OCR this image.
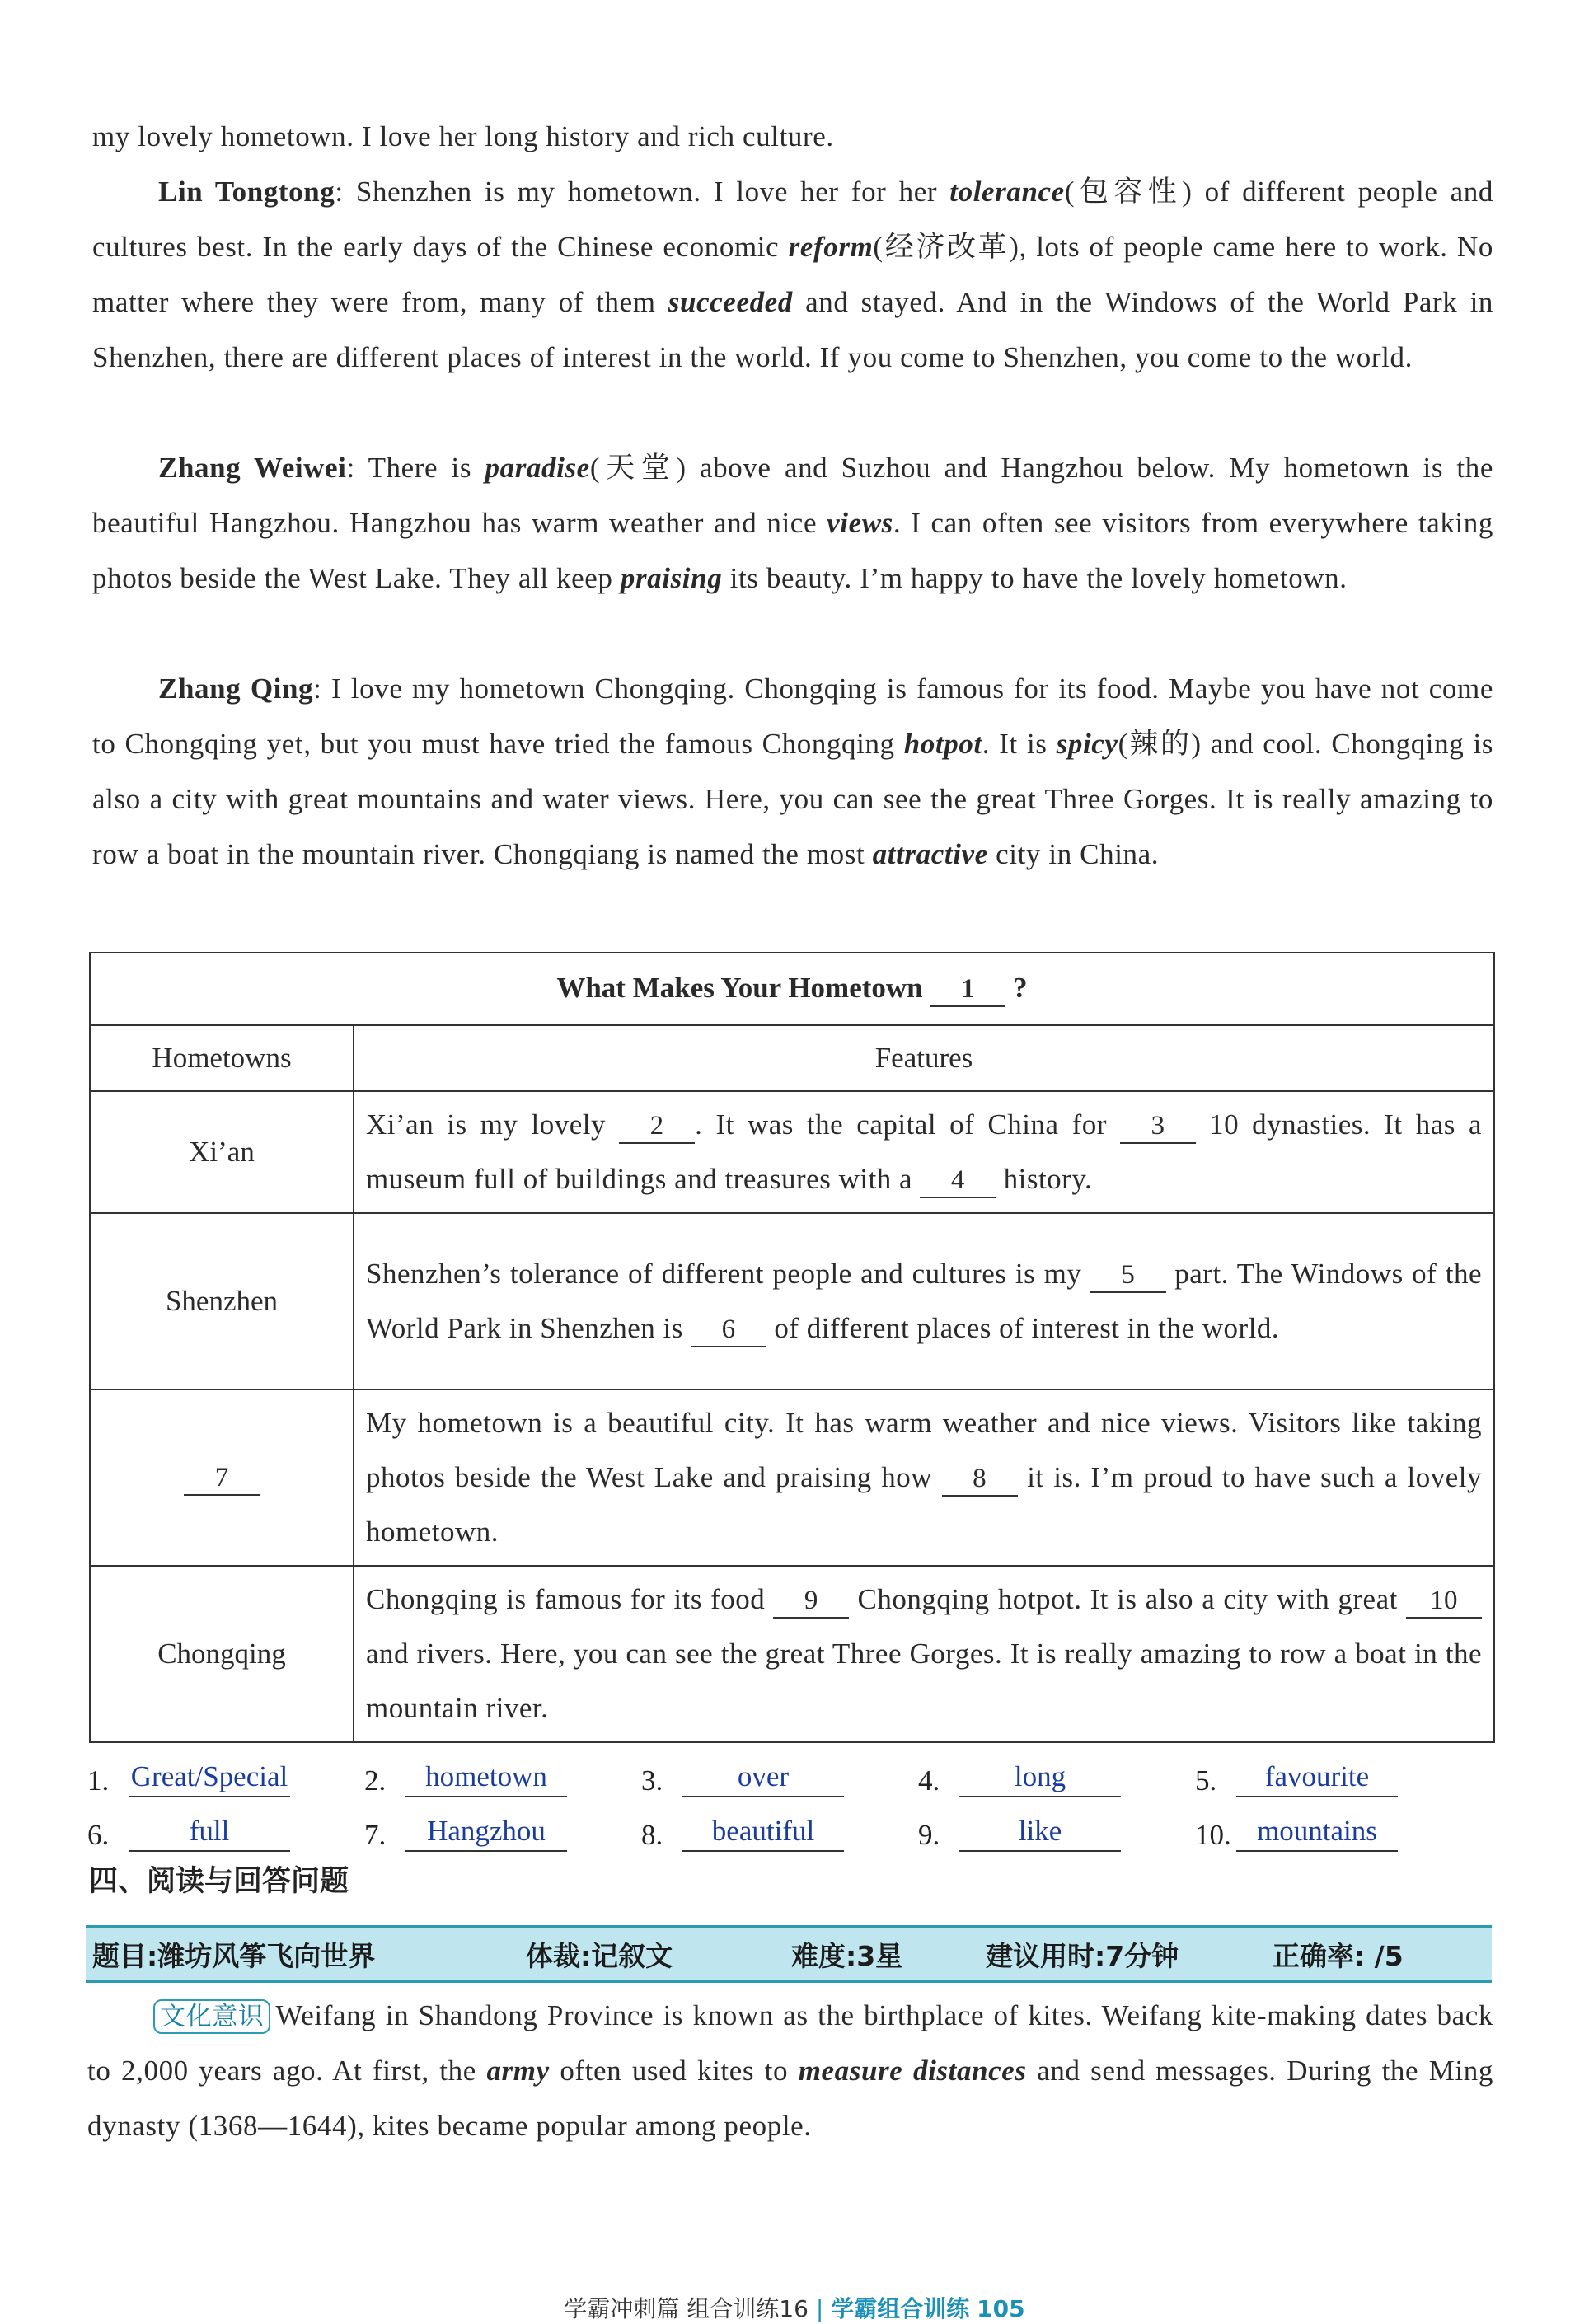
my lovely hometown. I love her long history and rich culture.
Lin Tongtong: Shenzhen is my hometown. I love her for her tolerance(包容性) of different people and cultures best. In the early days of the Chinese economic reform(经济改革), lots of people came here to work. No matter where they were from, many of them succeeded and stayed. And in the Windows of the World Park in Shenzhen, there are different places of interest in the world. If you come to Shenzhen, you come to the world.
Zhang Weiwei: There is paradise(天堂) above and Suzhou and Hangzhou below. My hometown is the beautiful Hangzhou. Hangzhou has warm weather and nice views. I can often see visitors from everywhere taking photos beside the West Lake. They all keep praising its beauty. I’m happy to have the lovely hometown.
Zhang Qing: I love my hometown Chongqing. Chongqing is famous for its food. Maybe you have not come to Chongqing yet, but you must have tried the famous Chongqing hotpot. It is spicy(辣的) and cool. Chongqing is also a city with great mountains and water views. Here, you can see the great Three Gorges. It is really amazing to row a boat in the mountain river. Chongqiang is named the most attractive city in China.
What Makes Your Hometown 1 ?	
Hometowns	Features
Xi’an	Xi’an is my lovely 2 . It was the capital of China for 3 10 dynasties. It has a museum full of buildings and treasures with a 4 history.
Shenzhen	Shenzhen’s tolerance of different people and cultures is my 5 part. The Windows of the World Park in Shenzhen is 6 of different places of interest in the world.
7	My hometown is a beautiful city. It has warm weather and nice views. Visitors like taking photos beside the West Lake and praising how 8 it is. I’m proud to have such a lovely hometown.
Chongqing	Chongqing is famous for its food 9 Chongqing hotpot. It is also a city with great 10 and rivers. Here, you can see the great Three Gorges. It is really amazing to row a boat in the mountain river.
1. Great/Special	2.	hometown	3.	over	4.	long	5.	favourite
6.	full	7.	Hangzhou	8.	beautiful	9.	like	10. mountains
四、阅读与回答问题
题目:潍坊风筝飞向世界	体裁:记叙文	难度:3星	建议用时:7分钟	正确率: /5
文化意识 Weifang in Shandong Province is known as the birthplace of kites. Weifang kite-making dates back to 2,000 years ago. At first, the army often used kites to measure distances and send messages. During the Ming dynasty (1368—1644), kites became popular among people.
学霸冲刺篇 组合训练16 | 学霸组合训练 105
